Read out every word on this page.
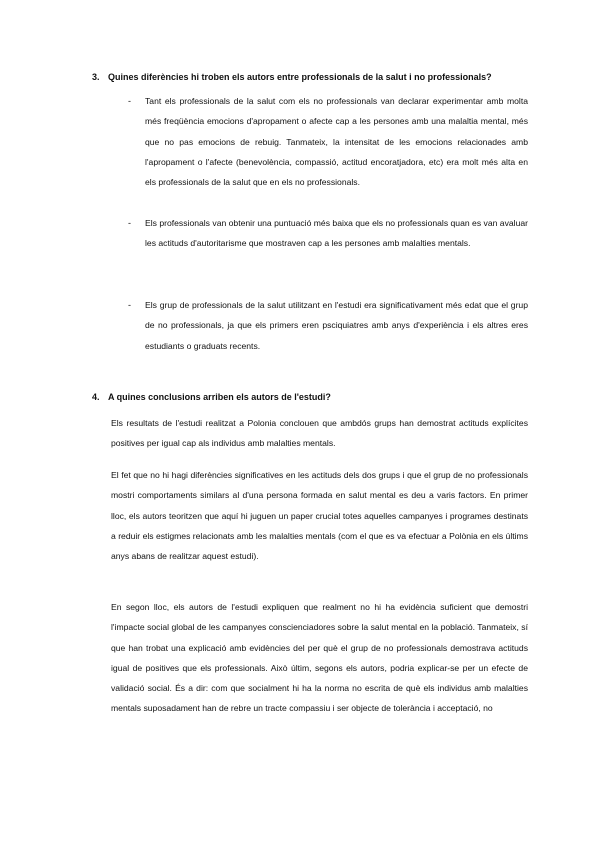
3. Quines diferències hi troben els autors entre professionals de la salut i no professionals?
- Tant els professionals de la salut com els no professionals van declarar experimentar amb molta més freqüència emocions d'apropament o afecte cap a les persones amb una malaltia mental, més que no pas emocions de rebuig. Tanmateix, la intensitat de les emocions relacionades amb l'apropament o l'afecte (benevolència, compassió, actitud encoratjadora, etc) era molt més alta en els professionals de la salut que en els no professionals.
- Els professionals van obtenir una puntuació més baixa que els no professionals quan es van avaluar les actituds d'autoritarisme que mostraven cap a les persones amb malalties mentals.
- Els grup de professionals de la salut utilitzant en l'estudi era significativament més edat que el grup de no professionals, ja que els primers eren psciquiatres amb anys d'experiència i els altres eres estudiants o graduats recents.
4. A quines conclusions arriben els autors de l'estudi?

Els resultats de l'estudi realitzat a Polonia conclouen que ambdós grups han demostrat actituds explícites positives per igual cap als individus amb malalties mentals.

El fet que no hi hagi diferències significatives en les actituds dels dos grups i que el grup de no professionals mostri comportaments similars al d'una persona formada en salut mental es deu a varis factors. En primer lloc, els autors teoritzen que aquí hi juguen un paper crucial totes aquelles campanyes i programes destinats a reduir els estigmes relacionats amb les malalties mentals (com el que es va efectuar a Polònia en els últims anys abans de realitzar aquest estudi).

En segon lloc, els autors de l'estudi expliquen que realment no hi ha evidència suficient que demostri l'impacte social global de les campanyes conscienciadores sobre la salut mental en la població. Tanmateix, sí que han trobat una explicació amb evidències del per què el grup de no professionals demostrava actituds igual de positives que els professionals. Això últim, segons els autors, podria explicar-se per un efecte de validació social. És a dir: com que socialment hi ha la norma no escrita de què els individus amb malalties mentals suposadament han de rebre un tracte compassiu i ser objecte de tolerància i acceptació, no
